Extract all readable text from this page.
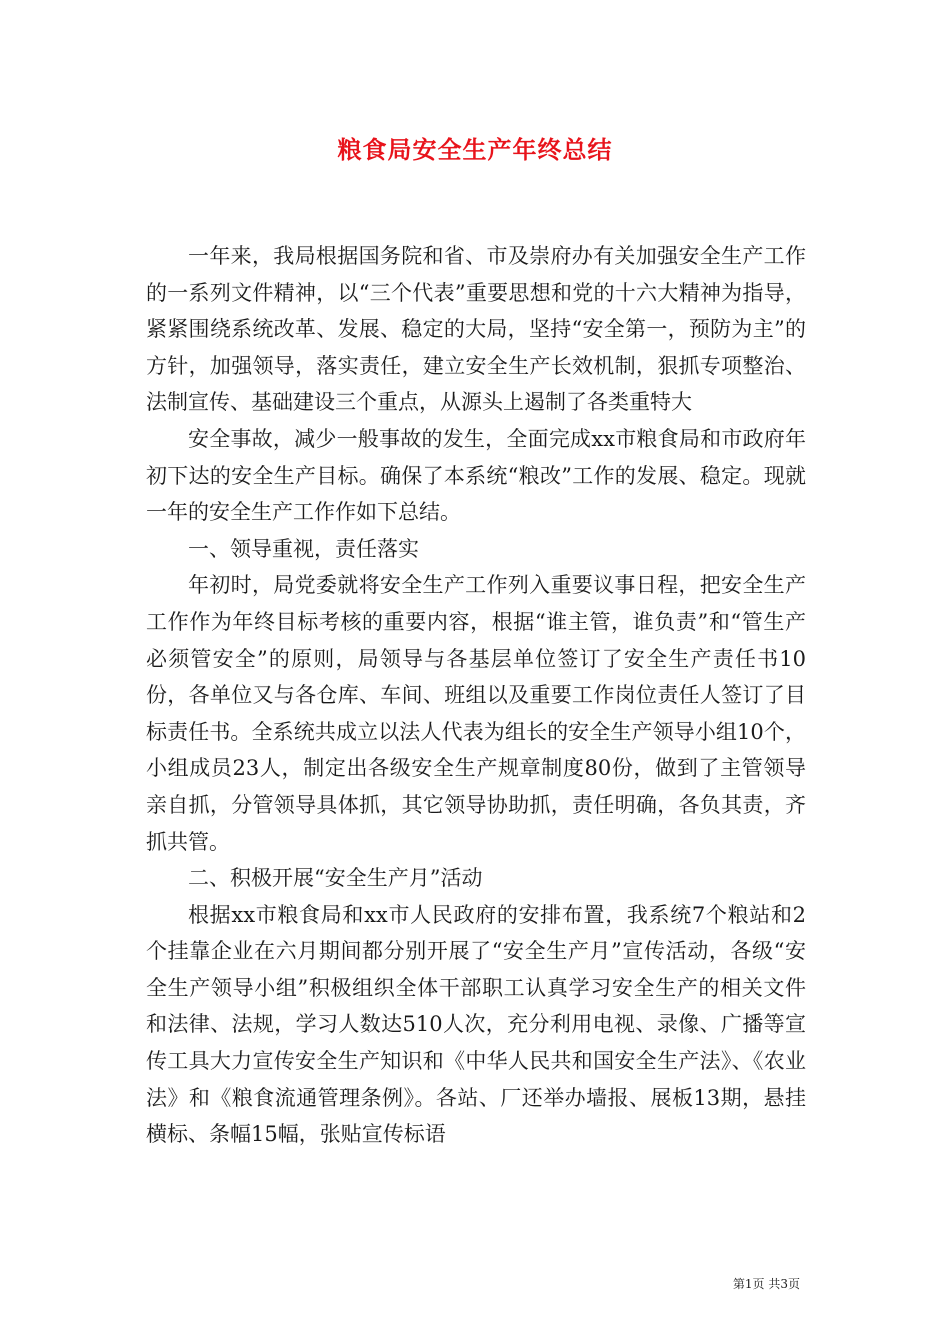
粮食局安全生产年终总结

一年来，我局根据国务院和省、市及崇府办有关加强安全生产工作的一系列文件精神，以“三个代表”重要思想和党的十六大精神为指导，紧紧围绕系统改革、发展、稳定的大局，坚持“安全第一，预防为主”的方针，加强领导，落实责任，建立安全生产长效机制，狠抓专项整治、法制宣传、基础建设三个重点，从源头上遏制了各类重特大

安全事故，减少一般事故的发生，全面完成xx市粮食局和市政府年初下达的安全生产目标。确保了本系统“粮改”工作的发展、稳定。现就一年的安全生产工作作如下总结。

一、领导重视，责任落实

年初时，局党委就将安全生产工作列入重要议事日程，把安全生产工作作为年终目标考核的重要内容，根据“谁主管，谁负责”和“管生产必须管安全”的原则，局领导与各基层单位签订了安全生产责任书10份，各单位又与各仓库、车间、班组以及重要工作岗位责任人签订了目标责任书。全系统共成立以法人代表为组长的安全生产领导小组10个，小组成员23人，制定出各级安全生产规章制度80份，做到了主管领导亲自抓，分管领导具体抓，其它领导协助抓，责任明确，各负其责，齐抓共管。

二、积极开展“安全生产月”活动

根据xx市粮食局和xx市人民政府的安排布置，我系统7个粮站和2个挂靠企业在六月期间都分别开展了“安全生产月”宣传活动，各级“安全生产领导小组”积极组织全体干部职工认真学习安全生产的相关文件和法律、法规，学习人数达510人次，充分利用电视、录像、广播等宣传工具大力宣传安全生产知识和《中华人民共和国安全生产法》、《农业法》和《粮食流通管理条例》。各站、厂还举办墙报、展板13期，悬挂横标、条幅15幅，张贴宣传标语

第1页 共3页
